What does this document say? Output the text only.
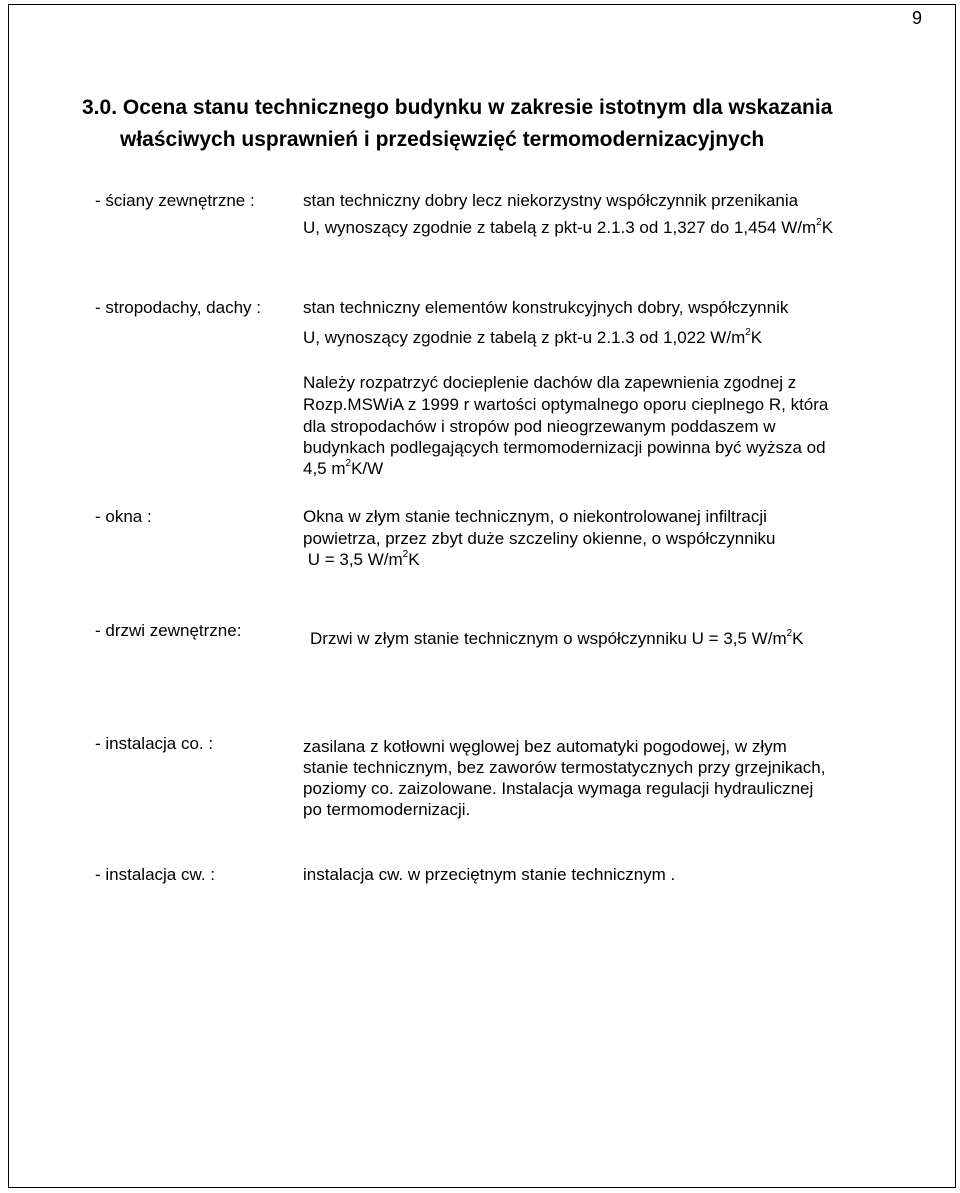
9
3.0. Ocena stanu technicznego budynku w zakresie istotnym dla wskazania
właściwych usprawnień i przedsięwzięć termomodernizacyjnych
- ściany zewnętrzne :	stan techniczny dobry lecz niekorzystny współczynnik przenikania
U, wynoszący zgodnie z tabelą z pkt-u 2.1.3 od 1,327 do 1,454 $W/m^2K$
- stropodachy, dachy : stan techniczny elementów konstrukcyjnych dobry, współczynnik
U, wynoszący zgodnie z tabelą z pkt-u 2.1.3 od 1,022 $W/m^2K$
Należy rozpatrzyć docieplenie dachów dla zapewnienia zgodnej z
Rozp.MSWiA z 1999 r wartości optymalnego oporu cieplnego R, która
dla stropodachów i stropów pod nieogrzewanym poddaszem w
budynkach podlegających termomodernizacji powinna być wyższa od
4,5 $m^2K/W$
- okna :	Okna w złym stanie technicznym, o niekontrolowanej infiltracji
powietrza, przez zbyt duże szczeliny okienne, o współczynniku
U = 3,5 $W/m^2K$
- drzwi zewnętrzne:	Drzwi w złym stanie technicznym o współczynniku U = 3,5 $W/m^2K$
- instalacja co. :	zasilana z kotłowni węglowej bez automatyki pogodowej, w złym
stanie technicznym, bez zaworów termostatycznych przy grzejnikach,
poziomy co. zaizolowane. Instalacja wymaga regulacji hydraulicznej
po termomodernizacji.
- instalacja cw. :	instalacja cw. w przeciętnym stanie technicznym .
